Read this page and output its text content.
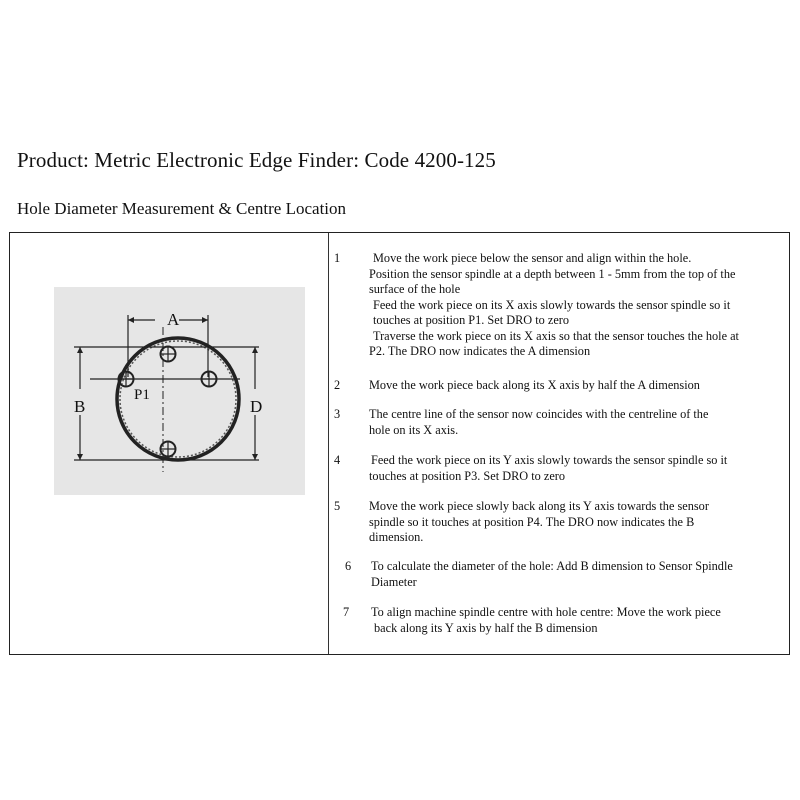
Product: Metric Electronic Edge Finder: Code 4200-125
Hole Diameter Measurement & Centre Location
A
B	D
P1
1	Move the work piece below the sensor and align within the hole.
Position the sensor spindle at a depth between 1 - 5mm from the top of the
surface of the hole
Feed the work piece on its X axis slowly towards the sensor spindle so it
touches at position P1. Set DRO to zero
Traverse the work piece on its X axis so that the sensor touches the hole at
P2. The DRO now indicates the A dimension
2	Move the work piece back along its X axis by half the A dimension
3	The centre line of the sensor now coincides with the centreline of the
hole on its X axis.
4	Feed the work piece on its Y axis slowly towards the sensor spindle so it
touches at position P3. Set DRO to zero
5	Move the work piece slowly back along its Y axis towards the sensor
spindle so it touches at position P4. The DRO now indicates the B
dimension.
6	To calculate the diameter of the hole: Add B dimension to Sensor Spindle
Diameter
7	To align machine spindle centre with hole centre: Move the work piece
back along its Y axis by half the B dimension
